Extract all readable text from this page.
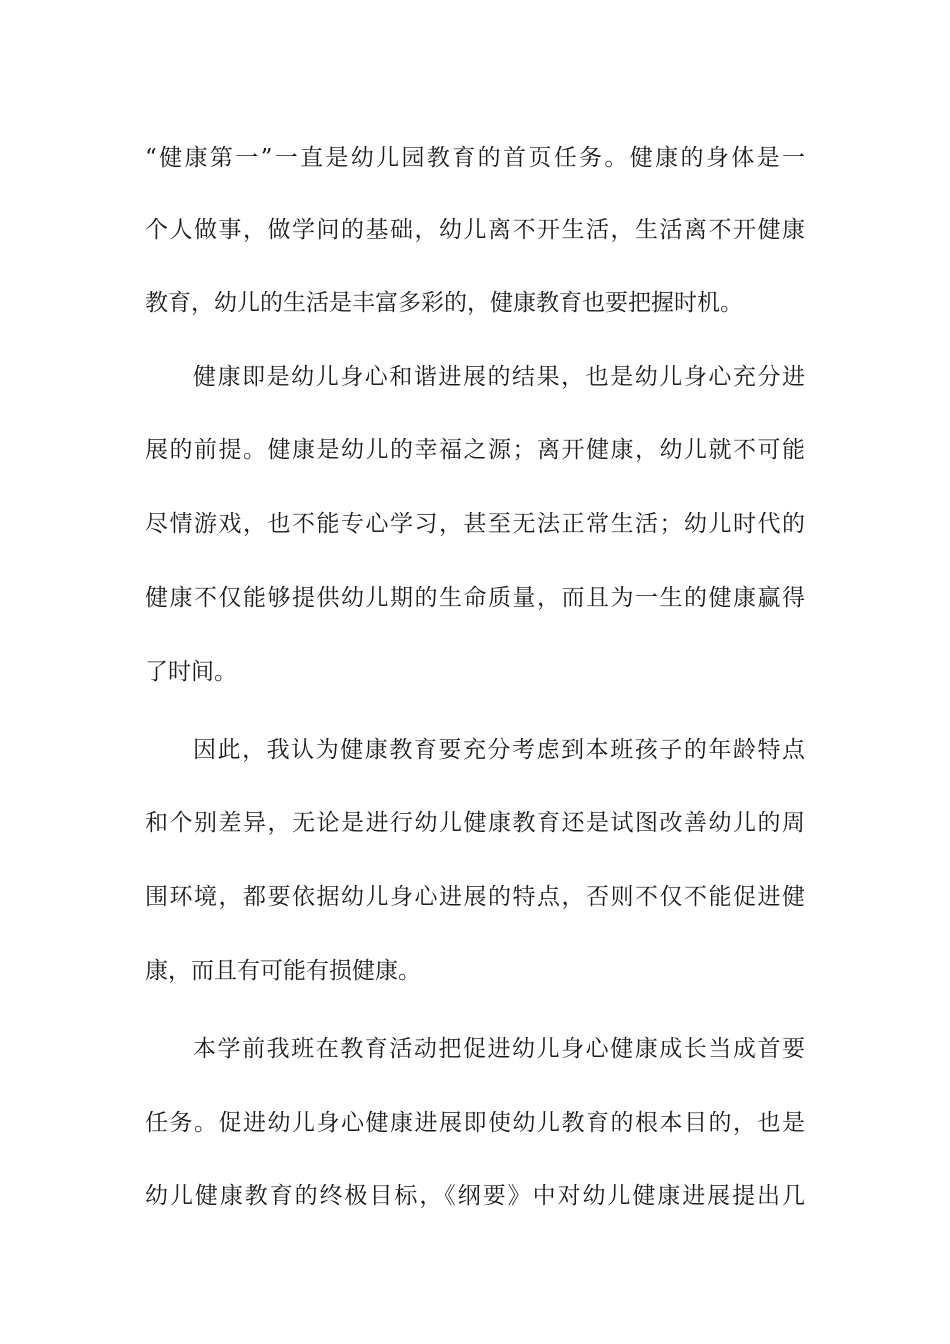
“健康第一”一直是幼儿园教育的首页任务。健康的身体是一
个人做事，做学问的基础，幼儿离不开生活，生活离不开健康
教育，幼儿的生活是丰富多彩的，健康教育也要把握时机。
健康即是幼儿身心和谐进展的结果，也是幼儿身心充分进
展的前提。健康是幼儿的幸福之源；离开健康，幼儿就不可能
尽情游戏，也不能专心学习，甚至无法正常生活；幼儿时代的
健康不仅能够提供幼儿期的生命质量，而且为一生的健康赢得
了时间。
因此，我认为健康教育要充分考虑到本班孩子的年龄特点
和个别差异，无论是进行幼儿健康教育还是试图改善幼儿的周
围环境，都要依据幼儿身心进展的特点，否则不仅不能促进健
康，而且有可能有损健康。
本学前我班在教育活动把促进幼儿身心健康成长当成首要
任务。促进幼儿身心健康进展即使幼儿教育的根本目的，也是
幼儿健康教育的终极目标，《纲要》中对幼儿健康进展提出几
